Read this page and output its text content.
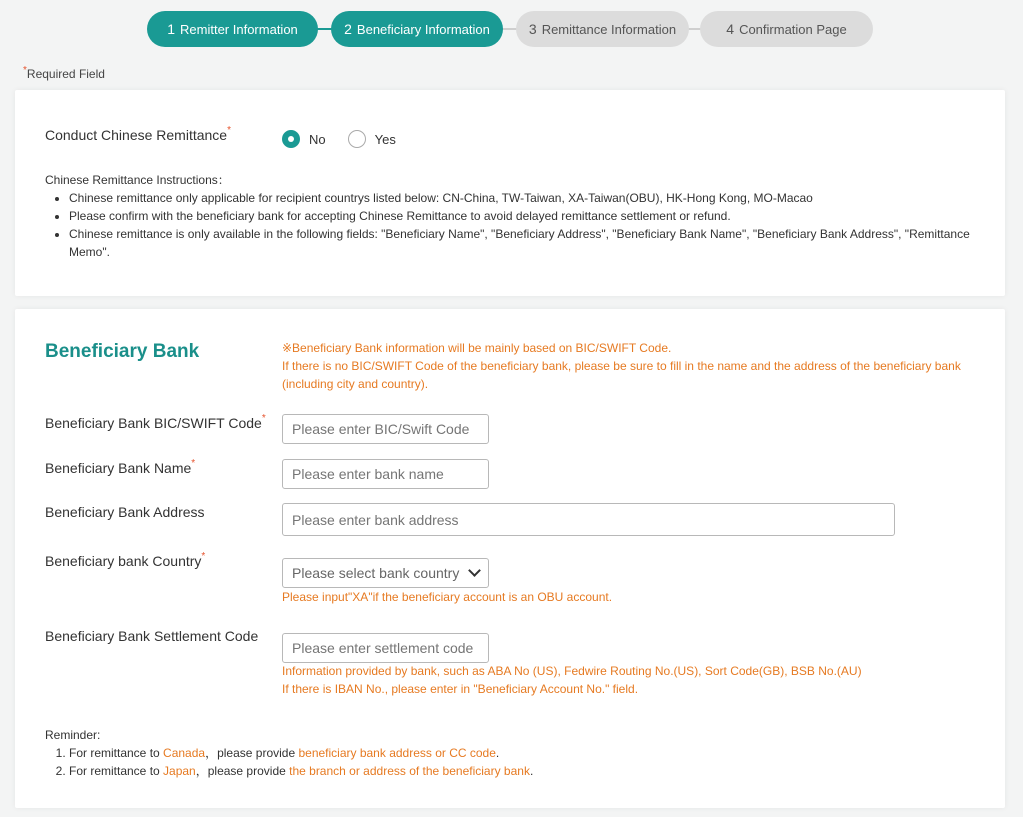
1 Remitter Information	2 Beneficiary Information	3 Remittance Information	4 Confirmation Page
*Required Field
Conduct Chinese Remittance*
No	Yes
Chinese Remittance Instructions：
• Chinese remittance only applicable for recipient countrys listed below: CN-China, TW-Taiwan, XA-Taiwan(OBU), HK-Hong Kong, MO-Macao
• Please confirm with the beneficiary bank for accepting Chinese Remittance to avoid delayed remittance settlement or refund.
• Chinese remittance is only available in the following fields: "Beneficiary Name", "Beneficiary Address", "Beneficiary Bank Name", "Beneficiary Bank Address", "Remittance Memo".
Beneficiary Bank	※Beneficiary Bank information will be mainly based on BIC/SWIFT Code.
If there is no BIC/SWIFT Code of the beneficiary bank, please be sure to fill in the name and the address of the beneficiary bank (including city and country).
Beneficiary Bank BIC/SWIFT Code*
Please enter BIC/Swift Code
Beneficiary Bank Name*
Please enter bank name
Beneficiary Bank Address
Please enter bank address
Beneficiary bank Country*
Please select bank country
Please input"XA"if the beneficiary account is an OBU account.
Beneficiary Bank Settlement Code
Please enter settlement code
Information provided by bank, such as ABA No (US), Fedwire Routing No.(US), Sort Code(GB), BSB No.(AU)
If there is IBAN No., please enter in "Beneficiary Account No." field.
Reminder:
1. For remittance to Canada，please provide beneficiary bank address or CC code.
2. For remittance to Japan，please provide the branch or address of the beneficiary bank.
